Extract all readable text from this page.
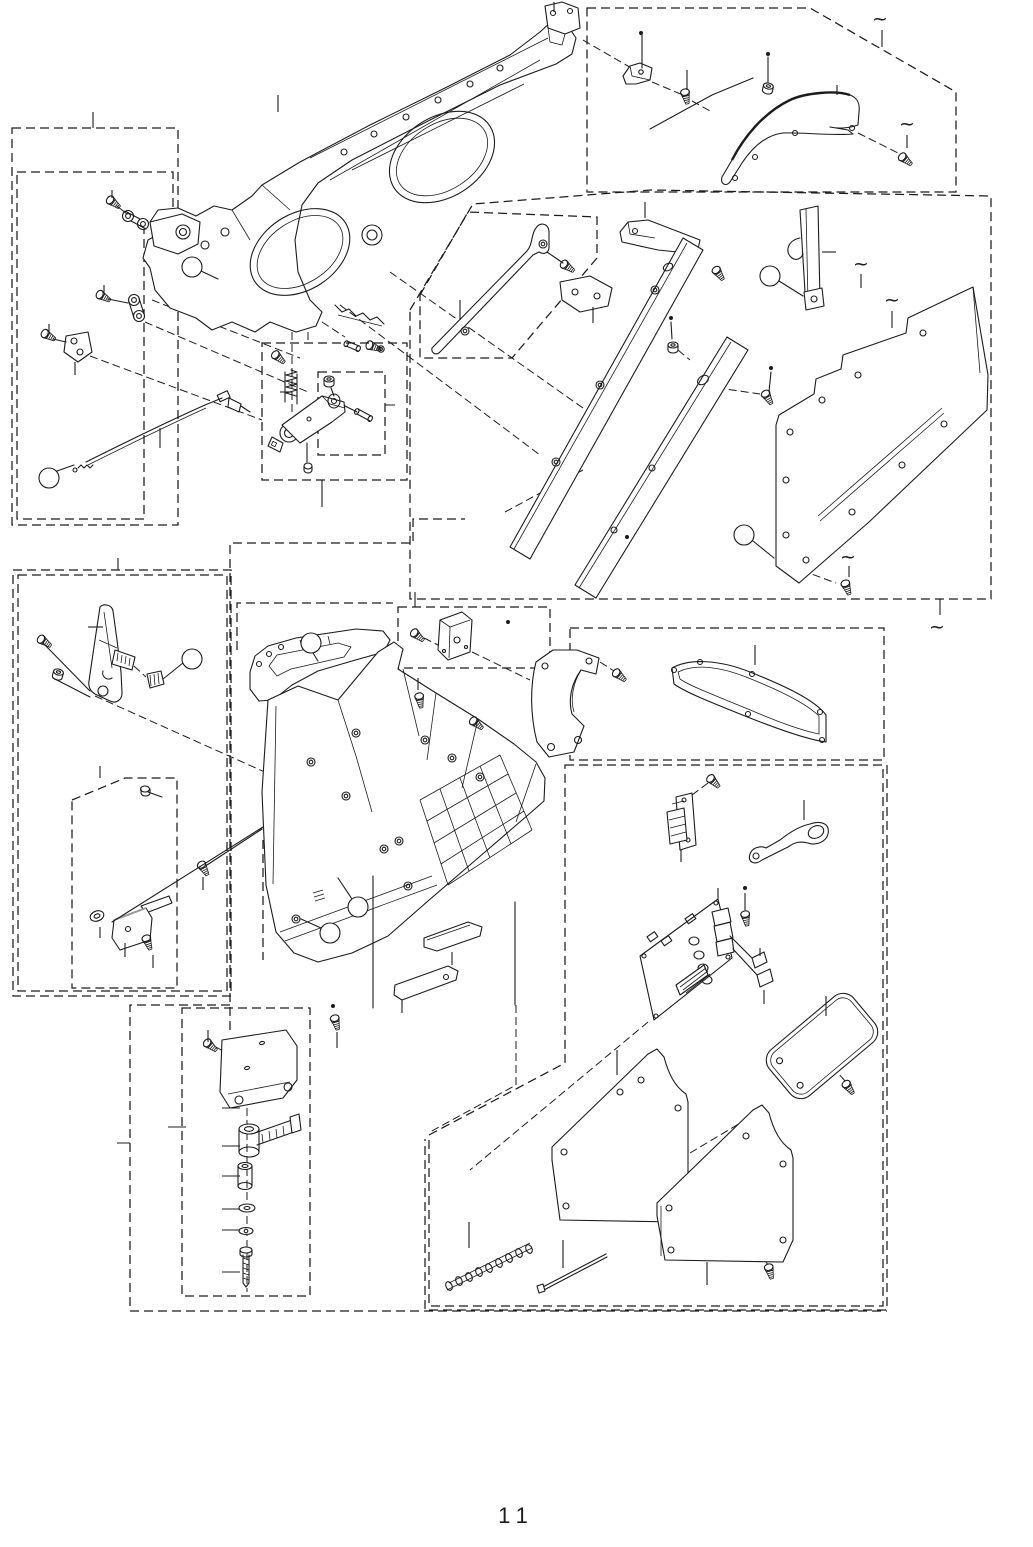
~
~
~
~
~
~
11
